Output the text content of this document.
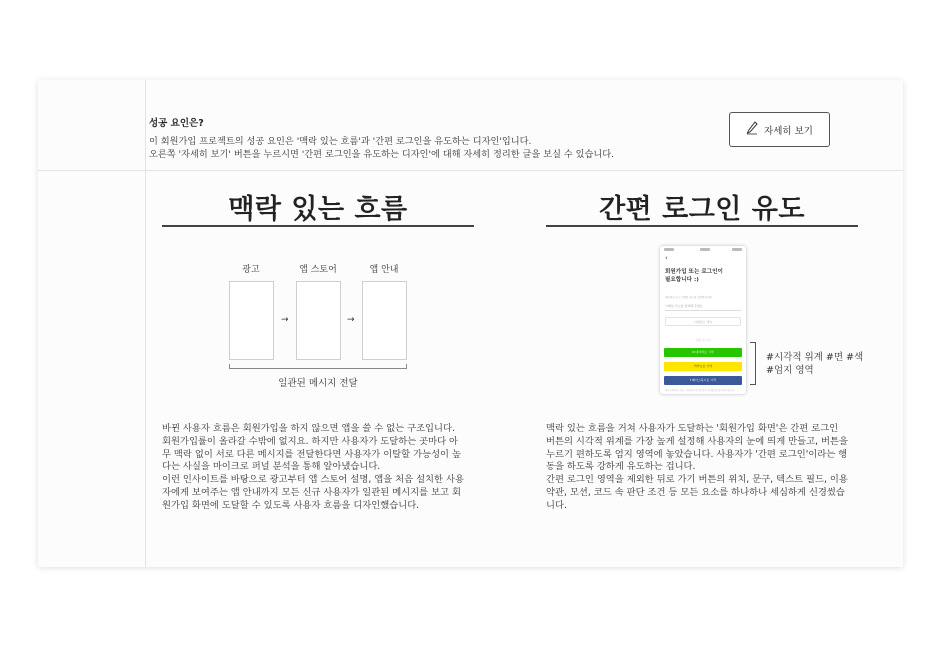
성공 요인은?
이 회원가입 프로젝트의 성공 요인은 '맥락 있는 흐름'과 '간편 로그인을 유도하는 디자인'입니다.
오른쪽 '자세히 보기' 버튼을 누르시면 '간편 로그인을 유도하는 디자인'에 대해 자세히 정리한 글을 보실 수 있습니다.
자세히 보기
맥락 있는 흐름
광고	앱 스토어	앱 안내
→	→
일관된 메시지 전달
바뀐 사용자 흐름은 회원가입을 하지 않으면 앱을 쓸 수 없는 구조입니다.
회원가입률이 올라갈 수밖에 없지요. 하지만 사용자가 도달하는 곳마다 아
무 맥락 없이 서로 다른 메시지를 전달한다면 사용자가 이탈할 가능성이 높
다는 사실을 마이크로 퍼널 분석을 통해 알아냈습니다.
이런 인사이트를 바탕으로 광고부터 앱 스토어 설명, 앱을 처음 설치한 사용
자에게 보여주는 앱 안내까지 모든 신규 사용자가 일관된 메시지를 보고 회
원가입 화면에 도달할 수 있도록 사용자 흐름을 디자인했습니다.
간편 로그인 유도
‹
회원가입 또는 로그인이
필요합니다 :)
전화번호 또는 이메일 주소를 입력해 주세요
이메일 주소를 입력해 주세요
이메일로 계속
간편 로그인
N 네이버로 시작
카카오로 시작
f 페이스북으로 시작
계속 진행하면 서비스 이용약관 및 개인정보 처리방침에 동의하게 됩니다
#시각적 위계 #면 #색
#엄지 영역
맥락 있는 흐름을 거쳐 사용자가 도달하는 '회원가입 화면'은 간편 로그인
버튼의 시각적 위계를 가장 높게 설정해 사용자의 눈에 띄게 만들고, 버튼을
누르기 편하도록 엄지 영역에 놓았습니다. 사용자가 '간편 로그인'이라는 행
동을 하도록 강하게 유도하는 겁니다.
간편 로그인 영역을 제외한 뒤로 가기 버튼의 위치, 문구, 텍스트 필드, 이용
약관, 모션, 코드 속 판단 조건 등 모든 요소를 하나하나 세심하게 신경썼습
니다.
